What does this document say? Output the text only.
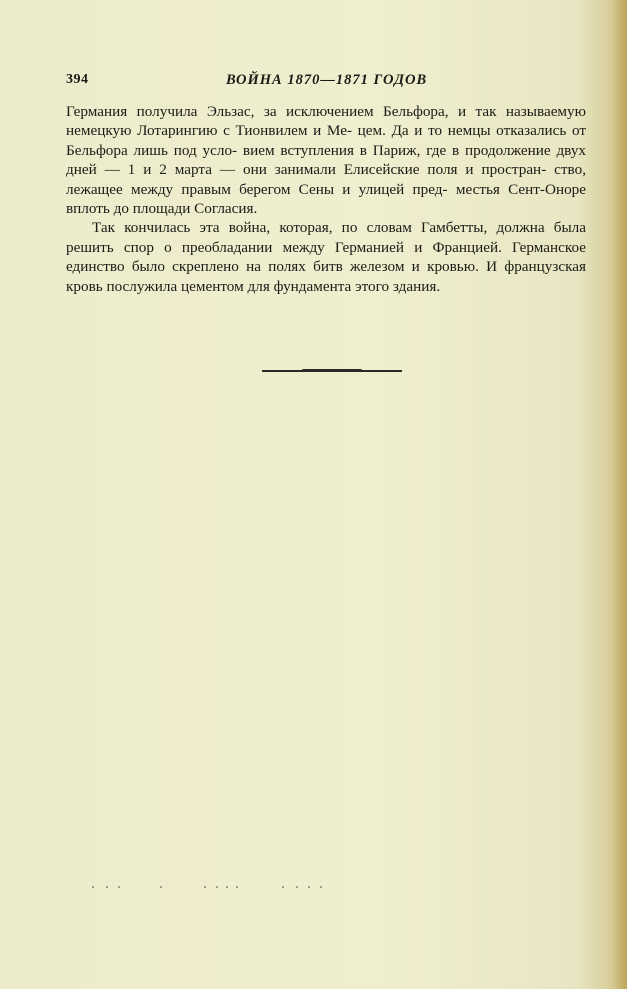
394	ВОЙНА 1870—1871 ГОДОВ

Германия получила Эльзас, за исключением Бельфора, и так называемую немецкую Лотарингию с Тионвилем и Ме- цем. Да и то немцы отказались от Бельфора лишь под усло- вием вступления в Париж, где в продолжение двух дней — 1 и 2 марта — они занимали Елисейские поля и простран- ство, лежащее между правым берегом Сены и улицей пред- местья Сент-Оноре вплоть до площади Согласия.

Так кончилась эта война, которая, по словам Гамбетты, должна была решить спор о преобладании между Германией и Францией. Германское единство было скреплено на полях битв железом и кровью. И французская кровь послужила цементом для фундамента этого здания.
